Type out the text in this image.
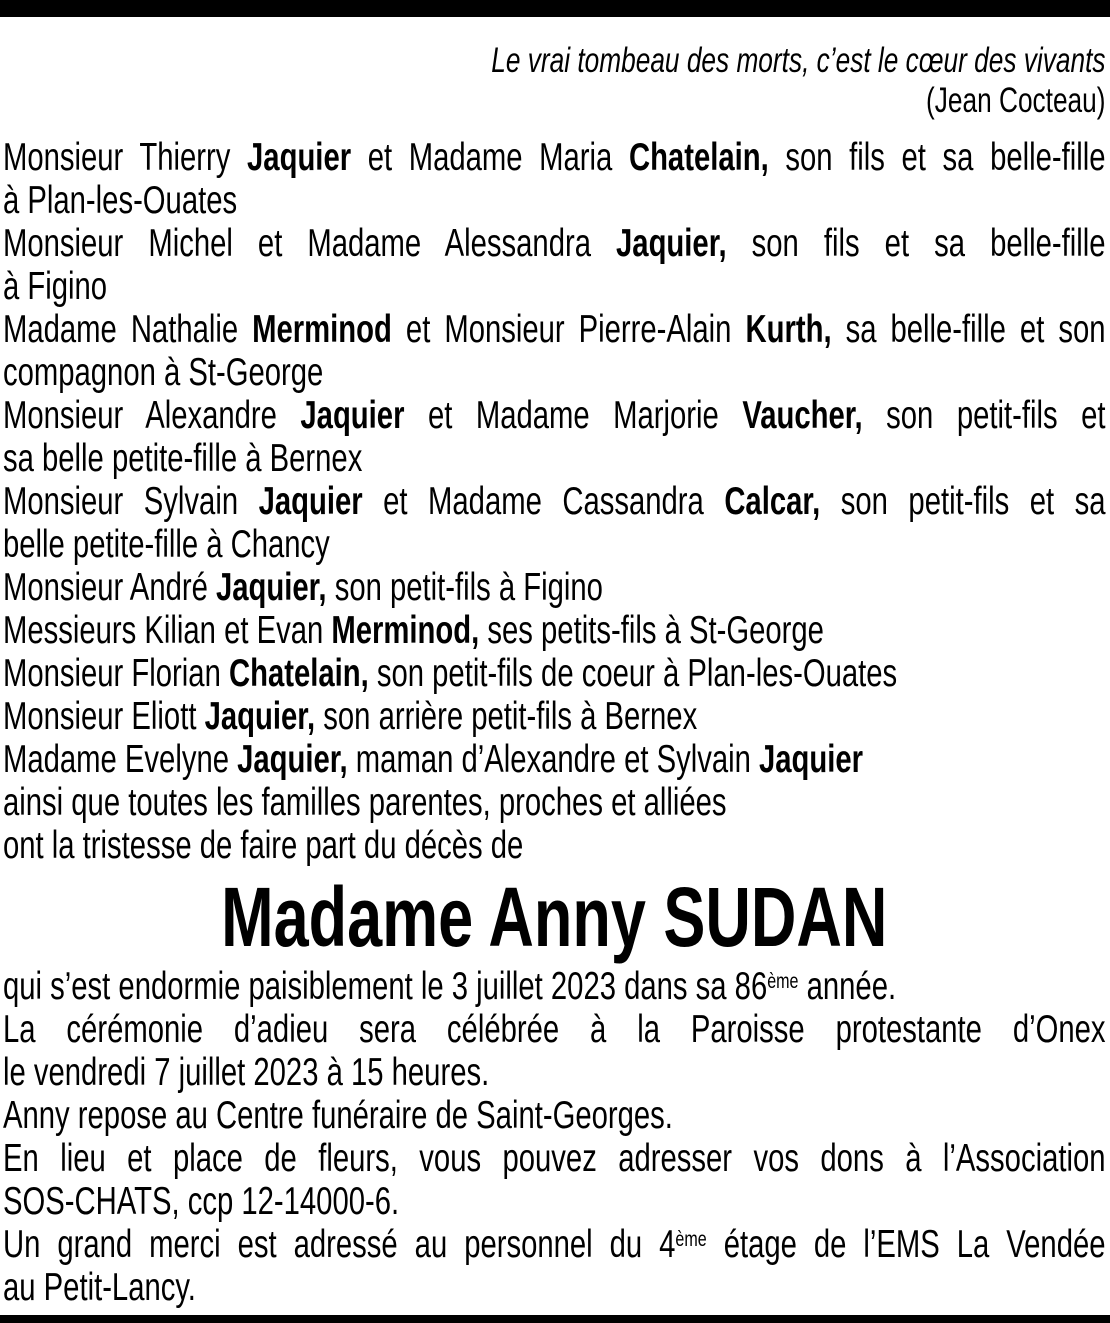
Le vrai tombeau des morts, c’est le cœur des vivants
(Jean Cocteau)
Monsieur Thierry Jaquier et Madame Maria Chatelain, son fils et sa belle-fille
à Plan-les-Ouates
Monsieur Michel et Madame Alessandra Jaquier, son fils et sa belle-fille
à Figino
Madame Nathalie Merminod et Monsieur Pierre-Alain Kurth, sa belle-fille et son
compagnon à St-George
Monsieur Alexandre Jaquier et Madame Marjorie Vaucher, son petit-fils et
sa belle petite-fille à Bernex
Monsieur Sylvain Jaquier et Madame Cassandra Calcar, son petit-fils et sa
belle petite-fille à Chancy
Monsieur André Jaquier, son petit-fils à Figino
Messieurs Kilian et Evan Merminod, ses petits-fils à St-George
Monsieur Florian Chatelain, son petit-fils de coeur à Plan-les-Ouates
Monsieur Eliott Jaquier, son arrière petit-fils à Bernex
Madame Evelyne Jaquier, maman d’Alexandre et Sylvain Jaquier
ainsi que toutes les familles parentes, proches et alliées
ont la tristesse de faire part du décès de
Madame Anny SUDAN
qui s’est endormie paisiblement le 3 juillet 2023 dans sa 86ème année.
La cérémonie d’adieu sera célébrée à la Paroisse protestante d’Onex
le vendredi 7 juillet 2023 à 15 heures.
Anny repose au Centre funéraire de Saint-Georges.
En lieu et place de fleurs, vous pouvez adresser vos dons à l’Association
SOS-CHATS, ccp 12-14000-6.
Un grand merci est adressé au personnel du 4ème étage de l’EMS La Vendée
au Petit-Lancy.
